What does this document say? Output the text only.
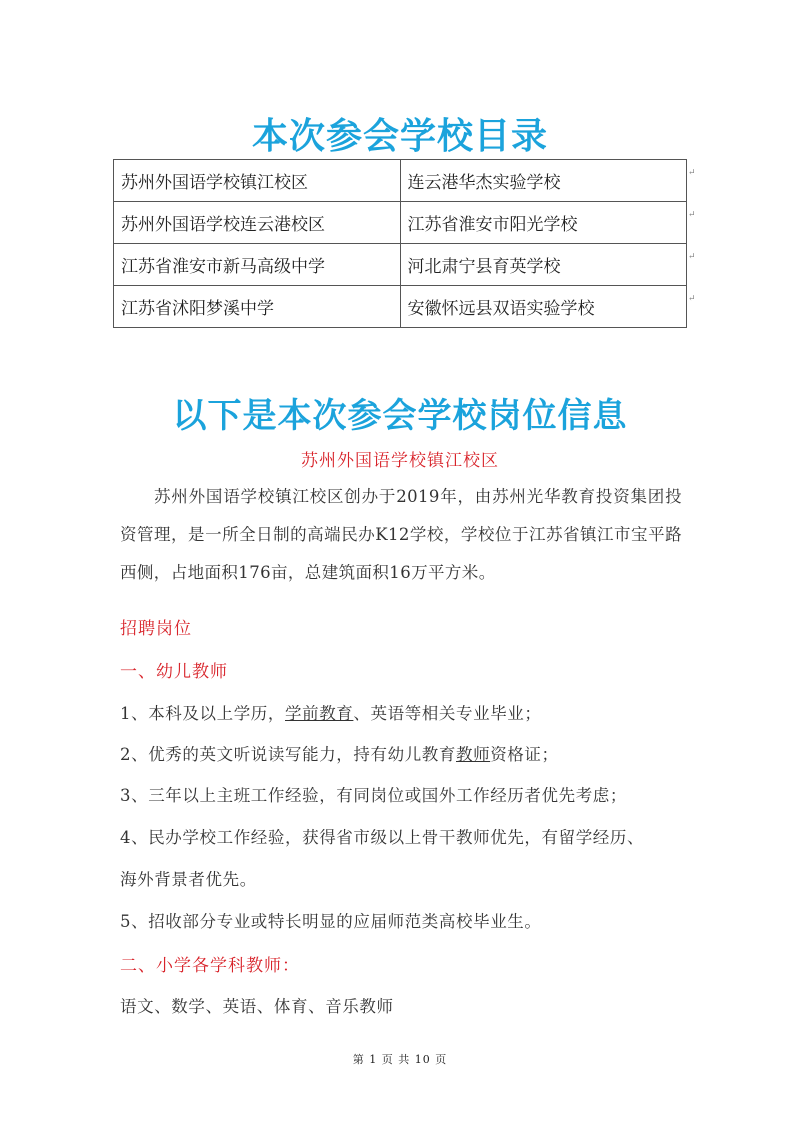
本次参会学校目录
苏州外国语学校镇江校区	连云港华杰实验学校
苏州外国语学校连云港校区	江苏省淮安市阳光学校
江苏省淮安市新马高级中学	河北肃宁县育英学校
江苏省沭阳梦溪中学	安徽怀远县双语实验学校
↵
↵
↵
↵
以下是本次参会学校岗位信息
苏州外国语学校镇江校区
苏州外国语学校镇江校区创办于2019年，由苏州光华教育投资集团投资管理，是一所全日制的高端民办K12学校，学校位于江苏省镇江市宝平路西侧，占地面积176亩，总建筑面积16万平方米。
招聘岗位
一、幼儿教师
1、本科及以上学历，学前教育、英语等相关专业毕业；
2、优秀的英文听说读写能力，持有幼儿教育教师资格证；
3、三年以上主班工作经验，有同岗位或国外工作经历者优先考虑；
4、民办学校工作经验，获得省市级以上骨干教师优先，有留学经历、
海外背景者优先。
5、招收部分专业或特长明显的应届师范类高校毕业生。
二、小学各学科教师：
语文、数学、英语、体育、音乐教师
第 1 页 共 10 页
